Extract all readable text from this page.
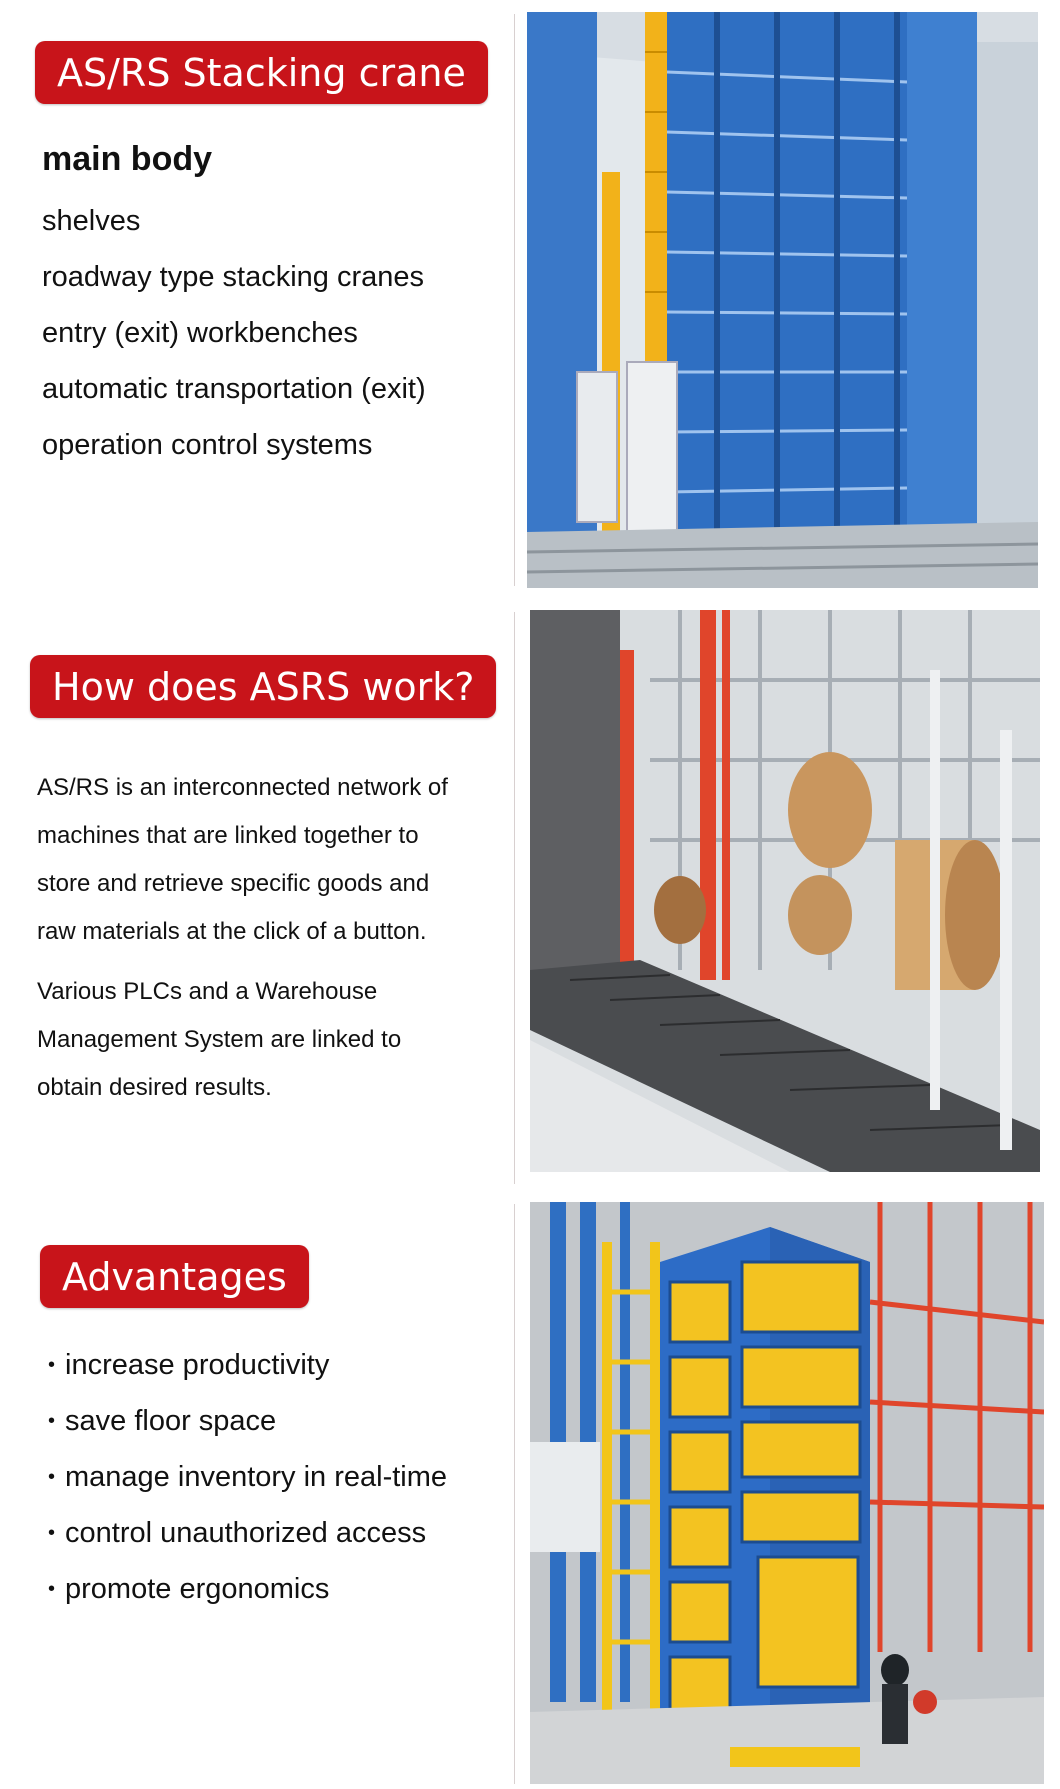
AS/RS Stacking crane
main body
shelves
roadway type stacking cranes
entry (exit) workbenches
automatic transportation (exit)
operation control systems
How does ASRS work?

AS/RS is an interconnected network of
machines that are linked together to
store and retrieve specific goods and
raw materials at the click of a button.

Various PLCs and a Warehouse
Management System are linked to
obtain desired results.

Advantages
• increase productivity
• save floor space
• manage inventory in real-time
• control unauthorized access
• promote ergonomics
